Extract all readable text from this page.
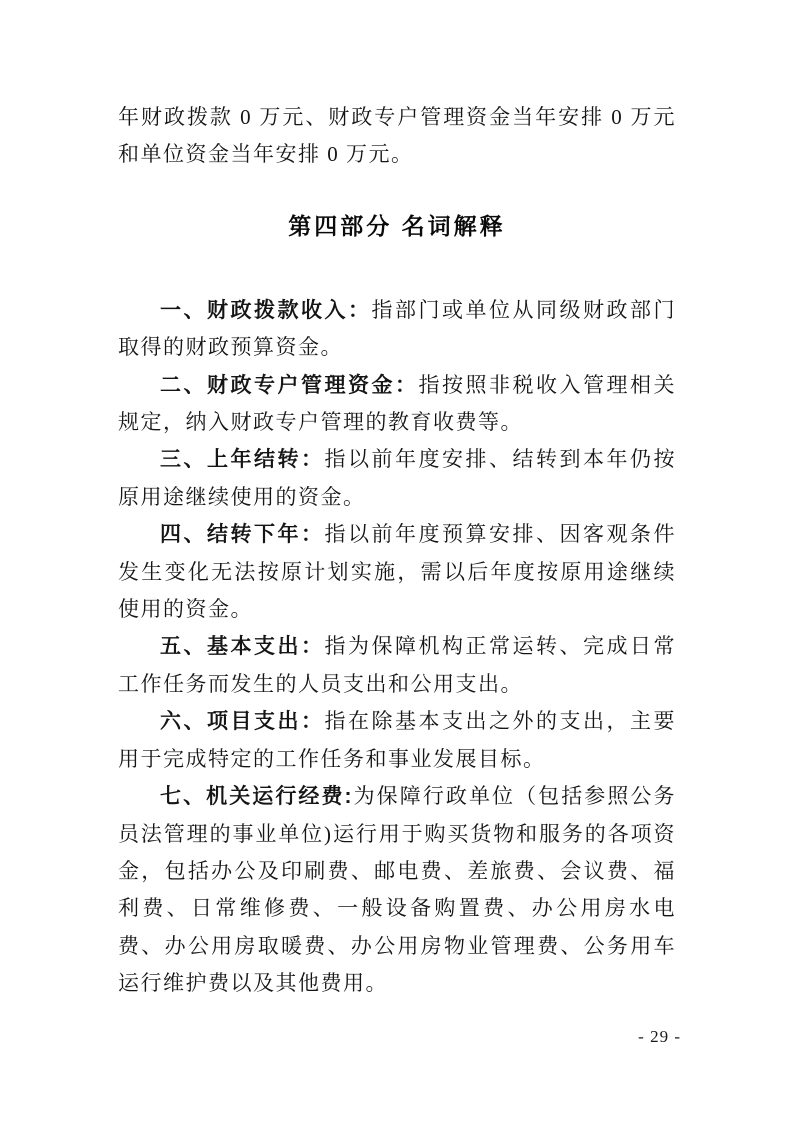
年财政拨款 0 万元、财政专户管理资金当年安排 0 万元和单位资金当年安排 0 万元。

第四部分 名词解释

一、财政拨款收入：指部门或单位从同级财政部门取得的财政预算资金。

二、财政专户管理资金：指按照非税收入管理相关规定，纳入财政专户管理的教育收费等。

三、上年结转：指以前年度安排、结转到本年仍按原用途继续使用的资金。

四、结转下年：指以前年度预算安排、因客观条件发生变化无法按原计划实施，需以后年度按原用途继续使用的资金。

五、基本支出：指为保障机构正常运转、完成日常工作任务而发生的人员支出和公用支出。

六、项目支出：指在除基本支出之外的支出，主要用于完成特定的工作任务和事业发展目标。

七、机关运行经费:为保障行政单位（包括参照公务员法管理的事业单位)运行用于购买货物和服务的各项资金，包括办公及印刷费、邮电费、差旅费、会议费、福利费、日常维修费、一般设备购置费、办公用房水电费、办公用房取暖费、办公用房物业管理费、公务用车运行维护费以及其他费用。

- 29 -
